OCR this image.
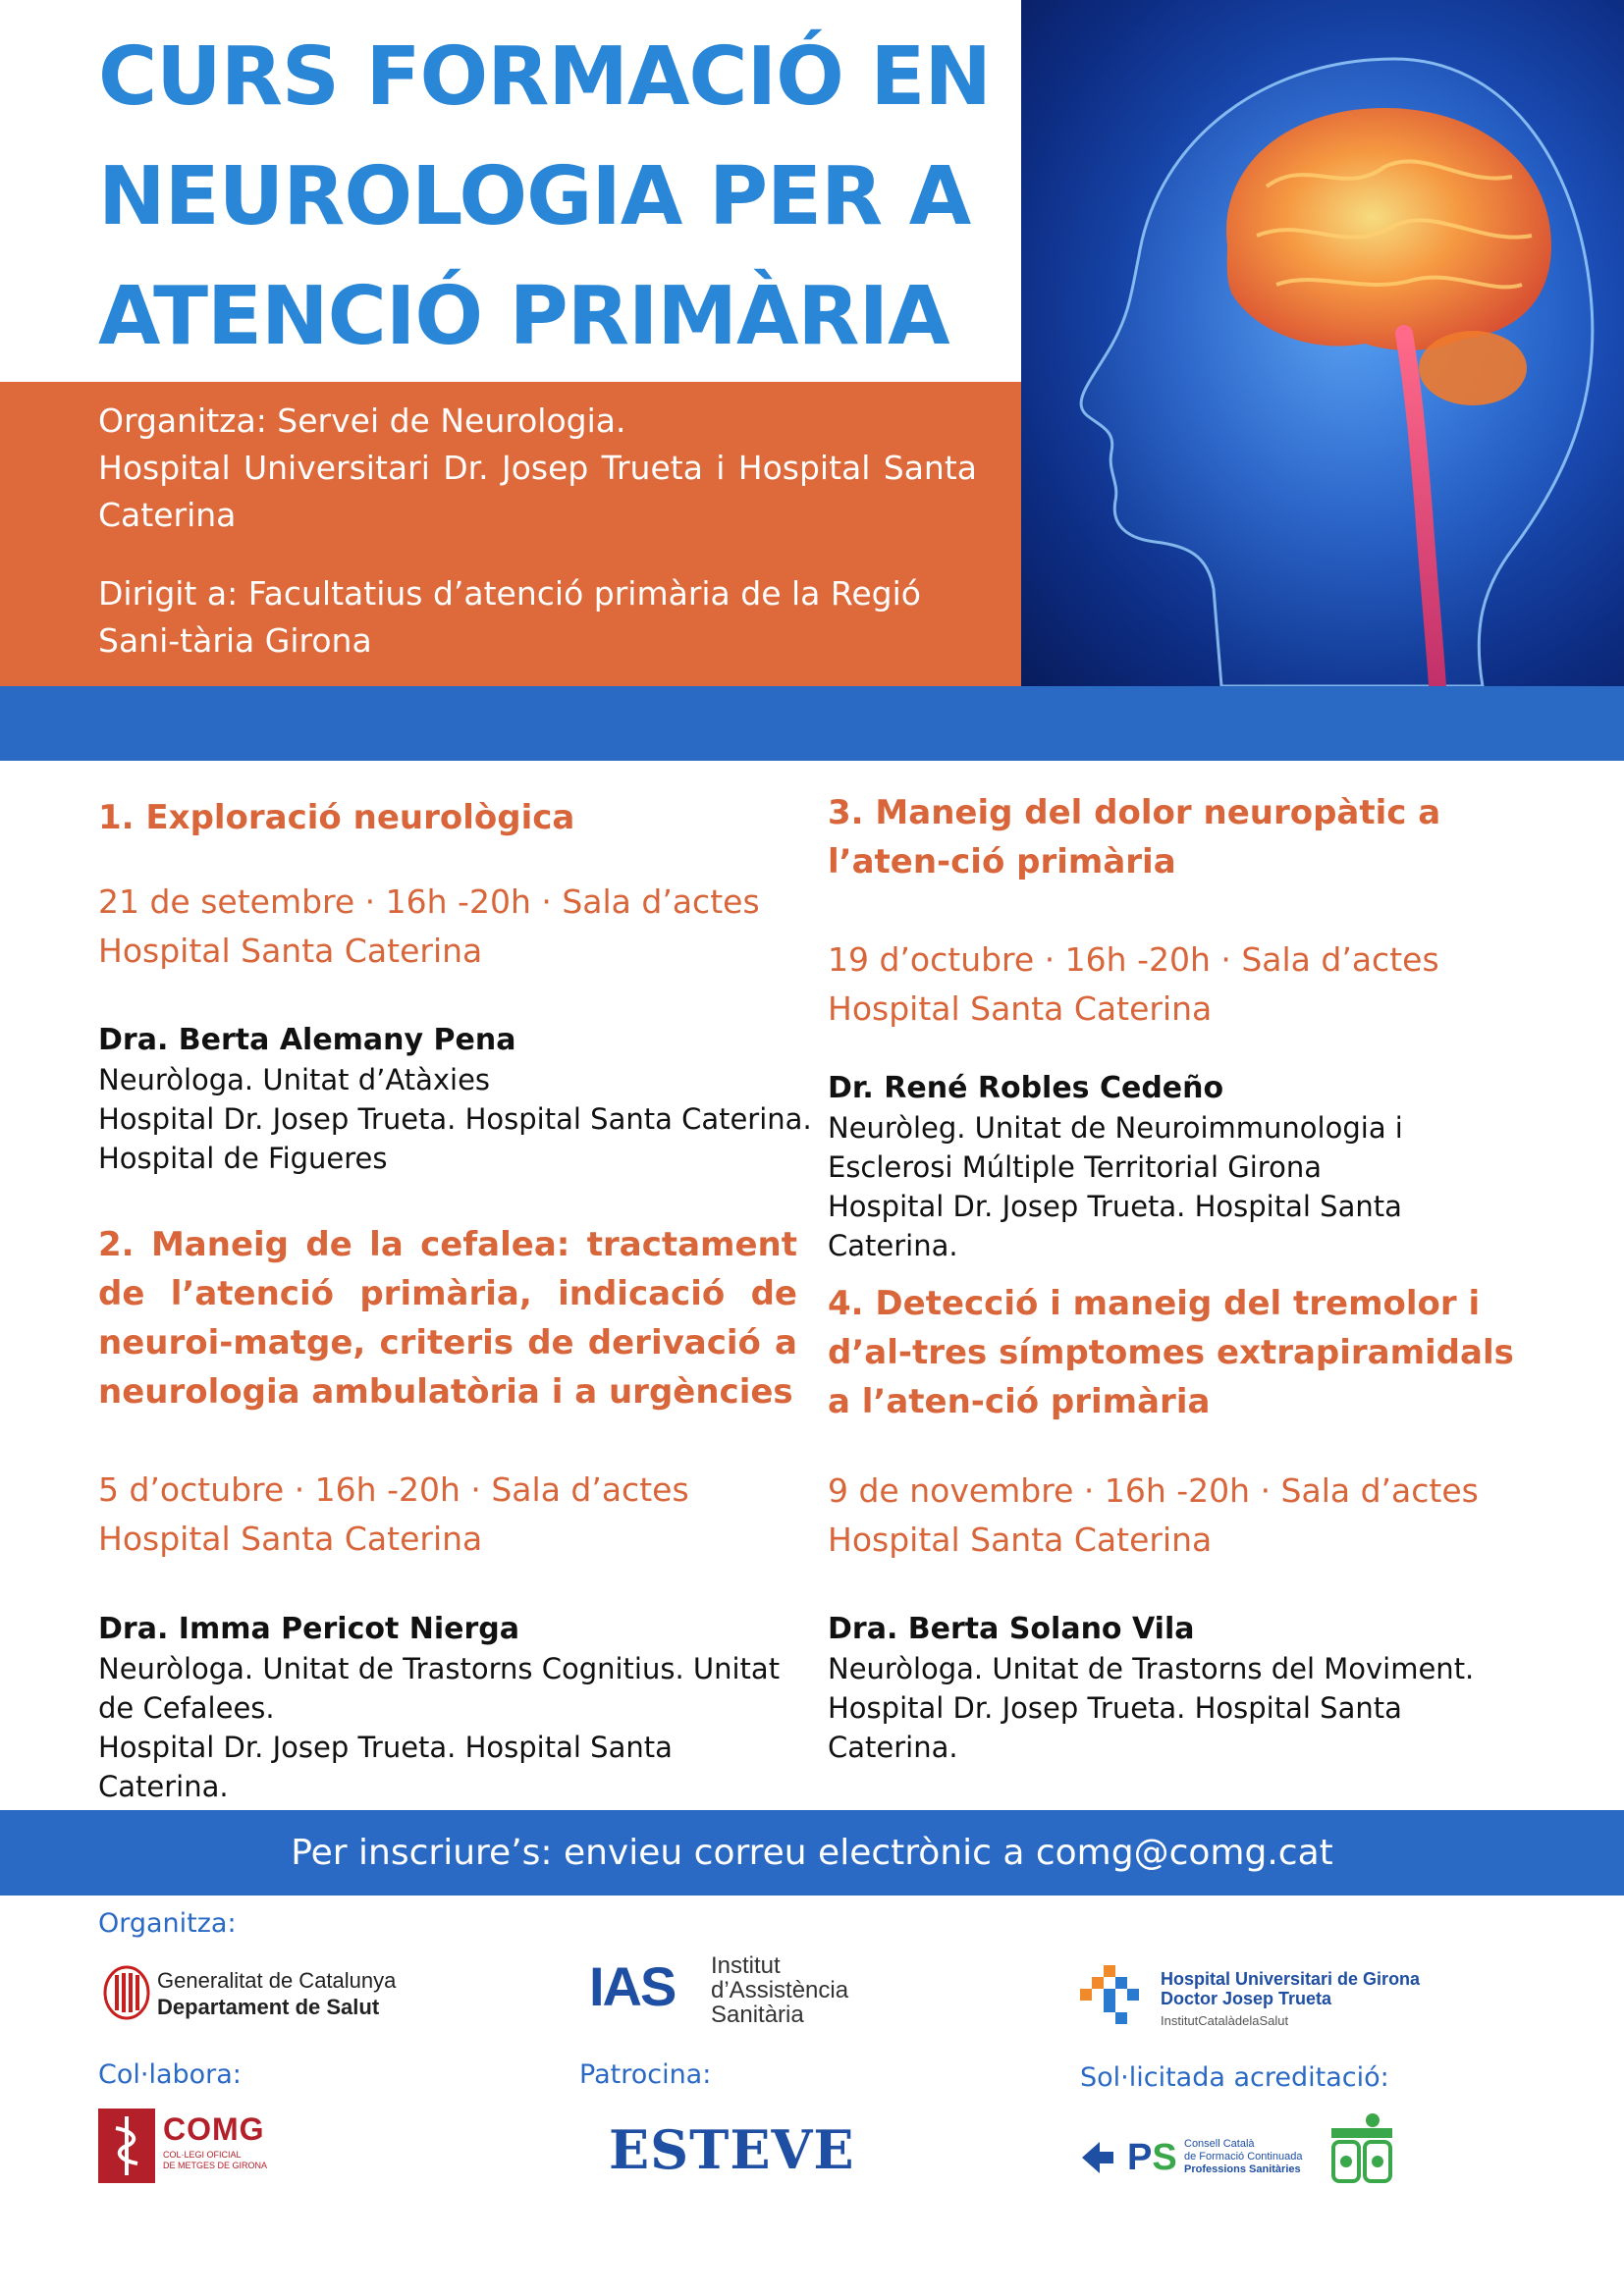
CURS FORMACIÓ EN
NEUROLOGIA PER A
ATENCIÓ PRIMÀRIA

Organitza: Servei de Neurologia.

Hospital Universitari Dr. Josep Trueta i Hospital Santa Caterina

Dirigit a: Facultatius d’atenció primària de la Regió Sani-tària Girona

1. Exploració neurològica

21 de setembre · 16h -20h · Sala d’actes Hospital Santa Caterina

Dra. Berta Alemany Pena

Neuròloga. Unitat d’Atàxies
Hospital Dr. Josep Trueta. Hospital Santa Caterina.
Hospital de Figueres

2. Maneig de la cefalea: tractament de l’atenció primària, indicació de neuroi-matge, criteris de derivació a neurologia ambulatòria i a urgències

5 d’octubre · 16h -20h · Sala d’actes Hospital Santa Caterina

Dra. Imma Pericot Nierga

Neuròloga. Unitat de Trastorns Cognitius. Unitat de Cefalees.
Hospital Dr. Josep Trueta. Hospital Santa Caterina.

3. Maneig del dolor neuropàtic a l’aten-ció primària

19 d’octubre · 16h -20h · Sala d’actes Hospital Santa Caterina

Dr. René Robles Cedeño

Neuròleg. Unitat de Neuroimmunologia i Esclerosi Múltiple Territorial Girona
Hospital Dr. Josep Trueta. Hospital Santa Caterina.

4. Detecció i maneig del tremolor i d’al-tres símptomes extrapiramidals a l’aten-ció primària

9 de novembre · 16h -20h · Sala d’actes Hospital Santa Caterina

Dra. Berta Solano Vila

Neuròloga. Unitat de Trastorns del Moviment.
Hospital Dr. Josep Trueta. Hospital Santa Caterina.

Per inscriure’s: envieu correu electrònic a comg@comg.cat
Organitza:
Col·labora:	Patrocina:	Sol·licitada acreditació:
Generalitat de Catalunya
Departament de Salut	IAS Institut
d’Assistència
Sanitària
Hospital Universitari de Girona
Doctor Josep Trueta
InstitutCatalàdelaSalut
COMG
COL·LEGI OFICIAL
DE METGES DE GIRONA	ESTEVE	PS Consell Català
de Formació Continuada
Professions Sanitàries
